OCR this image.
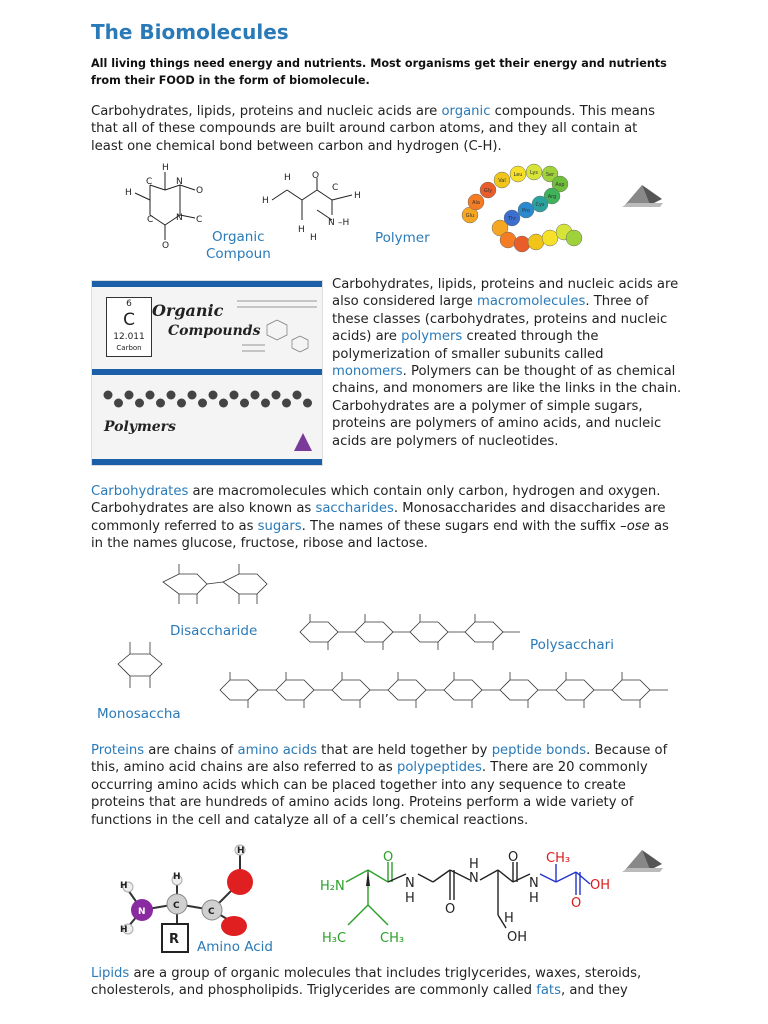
The Biomolecules
All living things need energy and nutrients. Most organisms get their energy and nutrients from their FOOD in the form of biomolecule.
Carbohydrates, lipids, proteins and nucleic acids are organic compounds. This means that all of these compounds are built around carbon atoms, and they all contain at least one chemical bond between carbon and hydrogen (C-H).
H
C	N
O
H
N
C
O
C
H
H O
C
H
N –H
H
H
Glu
Ala
Gly
Val
Leu Lys Ser
Asp
Arg
Cys
Pro
Thr
Organic
Compoun
Polymer
6
C
12.011
Carbon
Organic
Compounds
Polymers
Carbohydrates, lipids, proteins and nucleic acids are also considered large macromolecules. Three of these classes (carbohydrates, proteins and nucleic acids) are polymers created through the polymerization of smaller subunits called monomers. Polymers can be thought of as chemical chains, and monomers are like the links in the chain. Carbohydrates are a polymer of simple sugars, proteins are polymers of amino acids, and nucleic acids are polymers of nucleotides.
Carbohydrates are macromolecules which contain only carbon, hydrogen and oxygen. Carbohydrates are also known as saccharides. Monosaccharides and disaccharides are commonly referred to as sugars. The names of these sugars end with the suffix –ose as in the names glucose, fructose, ribose and lactose.
Disaccharide
Monosaccha
Polysacchari
Proteins are chains of amino acids that are held together by peptide bonds. Because of this, amino acid chains are also referred to as polypeptides. There are 20 commonly occurring amino acids which can be placed together into any sequence to create proteins that are hundreds of amino acids long. Proteins perform a wide variety of functions in the cell and catalyze all of a cell’s chemical reactions.
H
H
H
N
C
C
H
R Amino Acid
H₂N
O
N
H
O
N
H O
H
OH
N
H
CH₃
O
OH
H₃C	CH₃
Lipids are a group of organic molecules that includes triglycerides, waxes, steroids, cholesterols, and phospholipids. Triglycerides are commonly called fats, and they
